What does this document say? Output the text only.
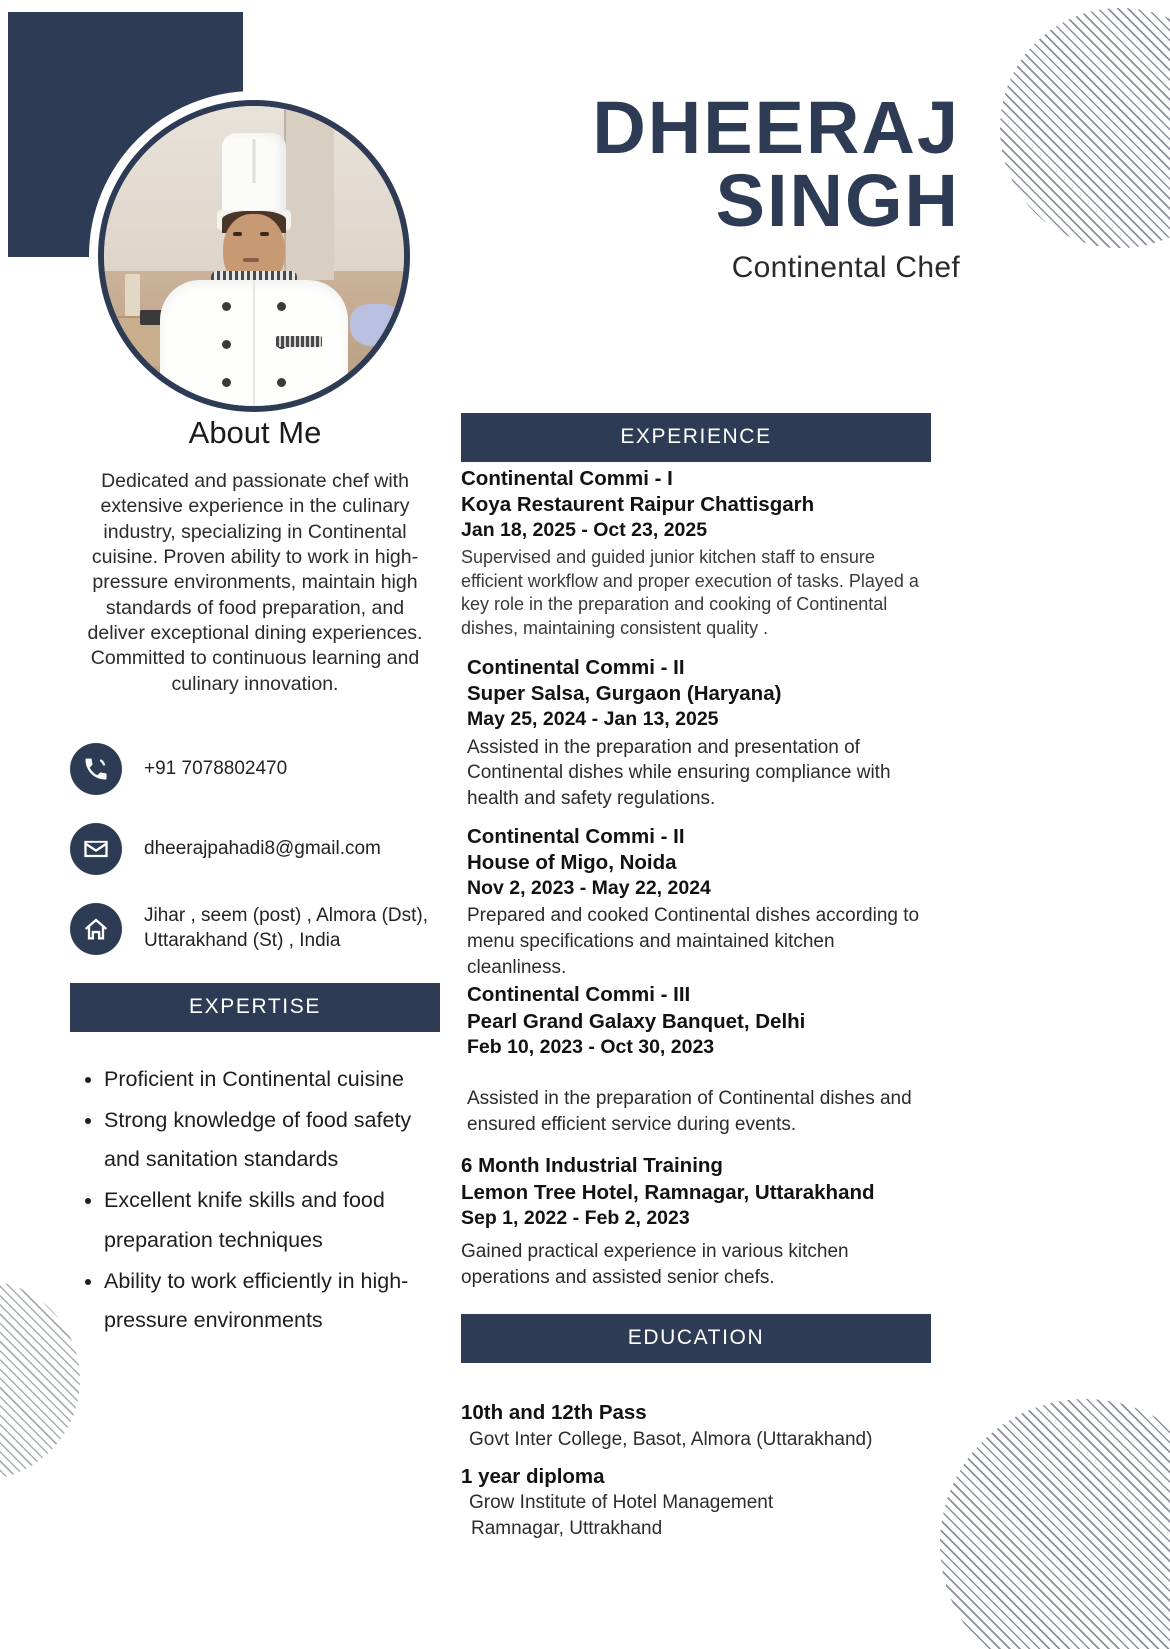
DHEERAJ
SINGH
Continental Chef
About Me
Dedicated and passionate chef with extensive experience in the culinary industry, specializing in Continental cuisine. Proven ability to work in high-pressure environments, maintain high standards of food preparation, and deliver exceptional dining experiences. Committed to continuous learning and culinary innovation.
+91 7078802470
dheerajpahadi8@gmail.com
Jihar , seem (post) , Almora (Dst), Uttarakhand (St) , India
EXPERTISE
• Proficient in Continental cuisine
• Strong knowledge of food safety and sanitation standards
• Excellent knife skills and food preparation techniques
• Ability to work efficiently in high-pressure environments
EXPERIENCE
Continental Commi - I
Koya Restaurent Raipur Chattisgarh
Jan 18, 2025 - Oct 23, 2025
Supervised and guided junior kitchen staff to ensure efficient workflow and proper execution of tasks. Played a key role in the preparation and cooking of Continental dishes, maintaining consistent quality .
Continental Commi - II
Super Salsa, Gurgaon (Haryana)
May 25, 2024 - Jan 13, 2025
Assisted in the preparation and presentation of Continental dishes while ensuring compliance with health and safety regulations.
Continental Commi - II
House of Migo, Noida
Nov 2, 2023 - May 22, 2024
Prepared and cooked Continental dishes according to menu specifications and maintained kitchen cleanliness.
Continental Commi - III
Pearl Grand Galaxy Banquet, Delhi
Feb 10, 2023 - Oct 30, 2023
Assisted in the preparation of Continental dishes and ensured efficient service during events.
6 Month Industrial Training
Lemon Tree Hotel, Ramnagar, Uttarakhand
Sep 1, 2022 - Feb 2, 2023
Gained practical experience in various kitchen operations and assisted senior chefs.
EDUCATION
10th and 12th Pass
Govt Inter College, Basot, Almora (Uttarakhand)
1 year diploma
Grow Institute of Hotel Management
Ramnagar, Uttrakhand
